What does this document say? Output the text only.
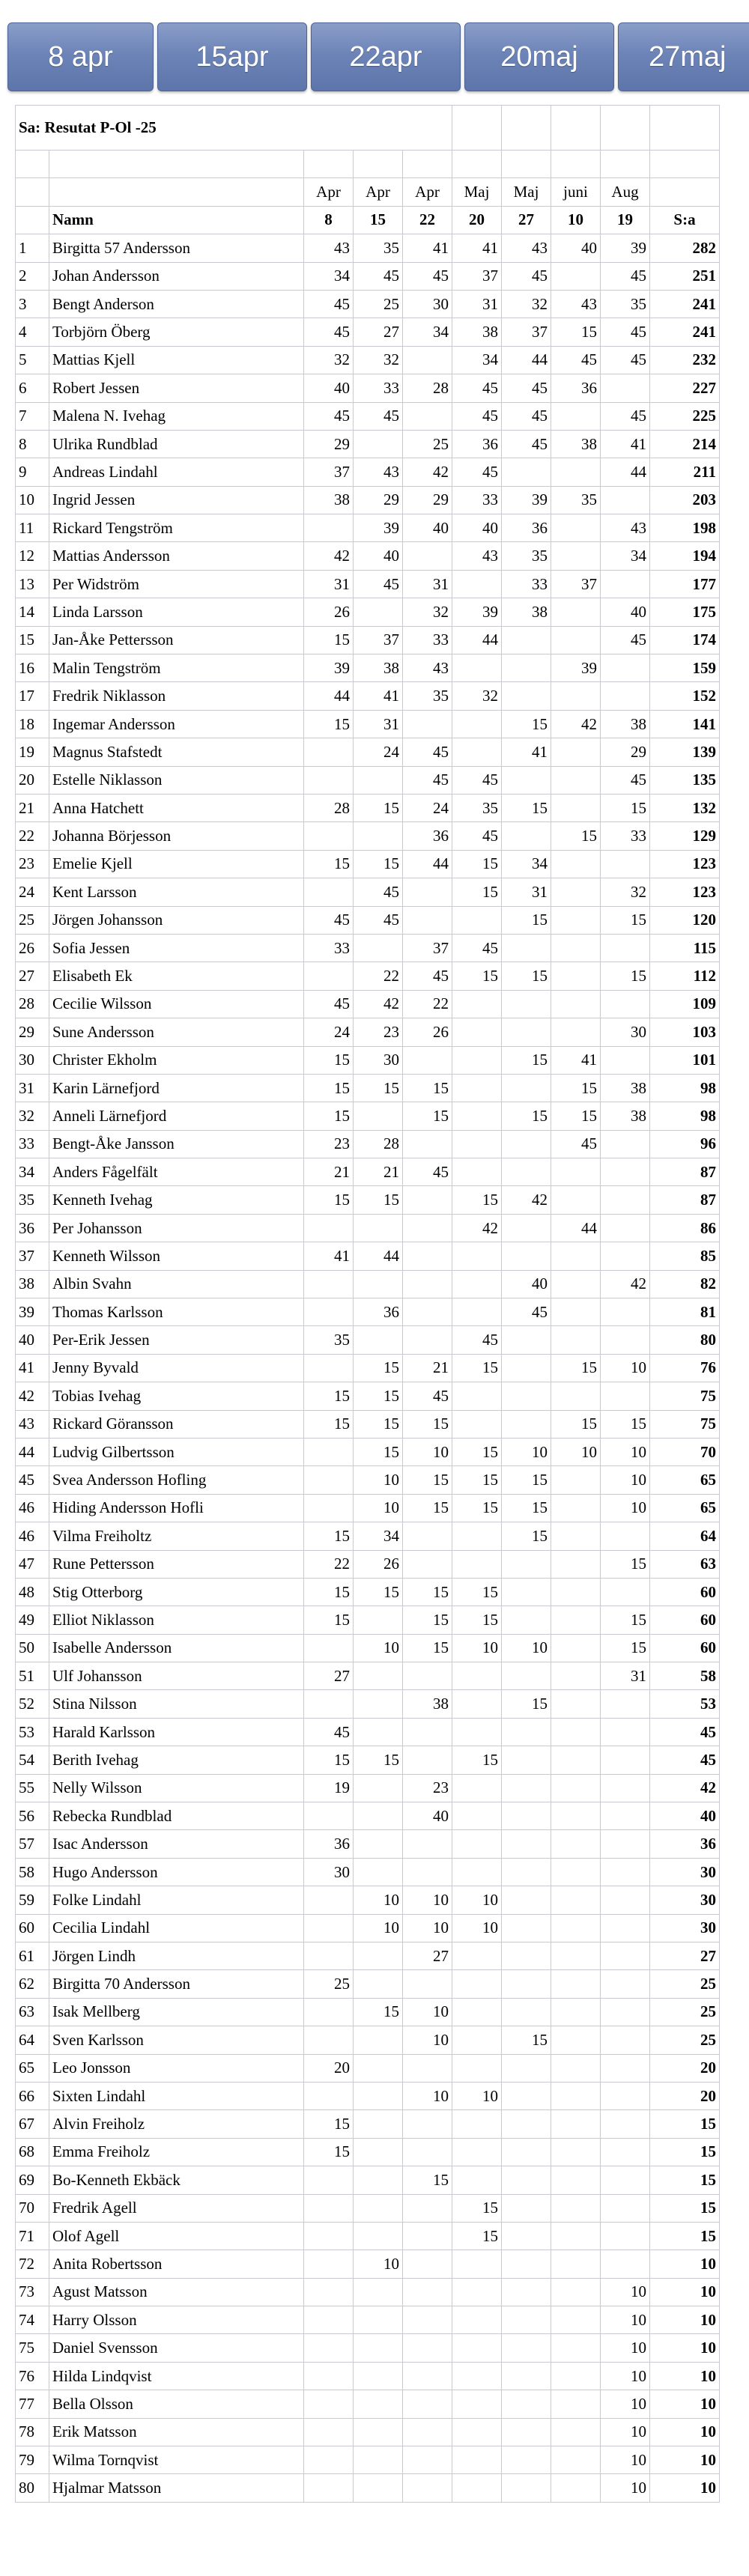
8 apr	15apr	22apr	20maj 27maj
Sa: Resutat P-Ol -25									

		Apr	Apr	Apr	Maj	Maj	juni	Aug	
	Namn	8	15	22	20	27	10	19	S:a
1	Birgitta 57 Andersson	43	35	41	41	43	40	39	282
2	Johan Andersson	34	45	45	37	45		45	251
3	Bengt Anderson	45	25	30	31	32	43	35	241
4	Torbjörn Öberg	45	27	34	38	37	15	45	241
5	Mattias Kjell	32	32		34	44	45	45	232
6	Robert Jessen	40	33	28	45	45	36		227
7	Malena N. Ivehag	45	45		45	45		45	225
8	Ulrika Rundblad	29		25	36	45	38	41	214
9	Andreas Lindahl	37	43	42	45			44	211
10	Ingrid Jessen	38	29	29	33	39	35		203
11	Rickard Tengström		39	40	40	36		43	198
12	Mattias Andersson	42	40		43	35		34	194
13	Per Widström	31	45	31		33	37		177
14	Linda Larsson	26		32	39	38		40	175
15	Jan-Åke Pettersson	15	37	33	44			45	174
16	Malin Tengström	39	38	43			39		159
17	Fredrik Niklasson	44	41	35	32				152
18	Ingemar Andersson	15	31			15	42	38	141
19	Magnus Stafstedt		24	45		41		29	139
20	Estelle Niklasson			45	45			45	135
21	Anna Hatchett	28	15	24	35	15		15	132
22	Johanna Börjesson			36	45		15	33	129
23	Emelie Kjell	15	15	44	15	34			123
24	Kent Larsson		45		15	31		32	123
25	Jörgen Johansson	45	45			15		15	120
26	Sofia Jessen	33		37	45				115
27	Elisabeth Ek		22	45	15	15		15	112
28	Cecilie Wilsson	45	42	22					109
29	Sune Andersson	24	23	26				30	103
30	Christer Ekholm	15	30			15	41		101
31	Karin Lärnefjord	15	15	15			15	38	98
32	Anneli Lärnefjord	15		15		15	15	38	98
33	Bengt-Åke Jansson	23	28				45		96
34	Anders Fågelfält	21	21	45					87
35	Kenneth Ivehag	15	15		15	42			87
36	Per Johansson				42		44		86
37	Kenneth Wilsson	41	44						85
38	Albin Svahn					40		42	82
39	Thomas Karlsson		36			45			81
40	Per-Erik Jessen	35			45				80
41	Jenny Byvald		15	21	15		15	10	76
42	Tobias Ivehag	15	15	45					75
43	Rickard Göransson	15	15	15			15	15	75
44	Ludvig Gilbertsson		15	10	15	10	10	10	70
45	Svea Andersson Hofling		10	15	15	15		10	65
46	Hiding Andersson Hofli		10	15	15	15		10	65
46	Vilma Freiholtz	15	34			15			64
47	Rune Pettersson	22	26					15	63
48	Stig Otterborg	15	15	15	15				60
49	Elliot Niklasson	15		15	15			15	60
50	Isabelle Andersson		10	15	10	10		15	60
51	Ulf Johansson	27						31	58
52	Stina Nilsson			38		15			53
53	Harald Karlsson	45							45
54	Berith Ivehag	15	15		15				45
55	Nelly Wilsson	19		23					42
56	Rebecka Rundblad			40					40
57	Isac Andersson	36							36
58	Hugo Andersson	30							30
59	Folke Lindahl		10	10	10				30
60	Cecilia Lindahl		10	10	10				30
61	Jörgen Lindh			27					27
62	Birgitta 70 Andersson	25							25
63	Isak Mellberg		15	10					25
64	Sven Karlsson			10		15			25
65	Leo Jonsson	20							20
66	Sixten Lindahl			10	10				20
67	Alvin Freiholz	15							15
68	Emma Freiholz	15							15
69	Bo-Kenneth Ekbäck			15					15
70	Fredrik Agell				15				15
71	Olof Agell				15				15
72	Anita Robertsson		10						10
73	Agust Matsson							10	10
74	Harry Olsson							10	10
75	Daniel Svensson							10	10
76	Hilda Lindqvist							10	10
77	Bella Olsson							10	10
78	Erik Matsson							10	10
79	Wilma Tornqvist							10	10
80	Hjalmar Matsson							10	10
